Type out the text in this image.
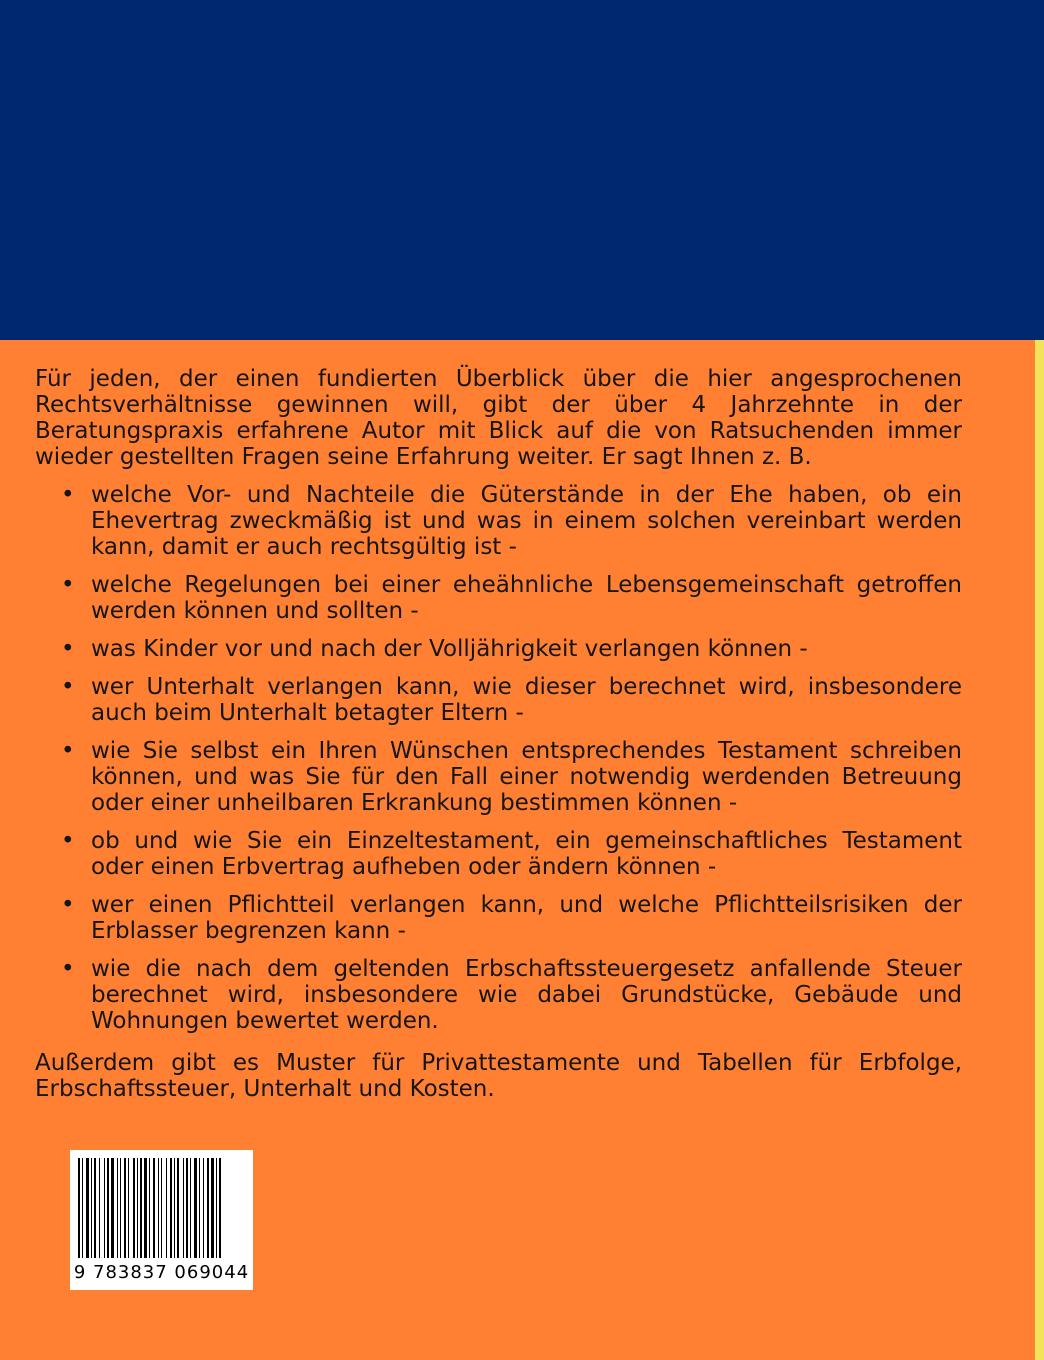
Für jeden, der einen fundierten Überblick über die hier angesprochenen Rechtsverhältnisse gewinnen will, gibt der über 4 Jahrzehnte in der Beratungspraxis erfahrene Autor mit Blick auf die von Ratsuchenden immer wieder gestellten Fragen seine Erfahrung weiter. Er sagt Ihnen z. B.

• welche Vor- und Nachteile die Güterstände in der Ehe haben, ob ein Ehevertrag zweckmäßig ist und was in einem solchen vereinbart werden kann, damit er auch rechtsgültig ist -
• welche Regelungen bei einer eheähnliche Lebensgemeinschaft getroffen werden können und sollten -
• was Kinder vor und nach der Volljährigkeit verlangen können -
• wer Unterhalt verlangen kann, wie dieser berechnet wird, insbesondere auch beim Unterhalt betagter Eltern -
• wie Sie selbst ein Ihren Wünschen entsprechendes Testament schreiben können, und was Sie für den Fall einer notwendig werdenden Betreuung oder einer unheilbaren Erkrankung bestimmen können -
• ob und wie Sie ein Einzeltestament, ein gemeinschaftliches Testament oder einen Erbvertrag aufheben oder ändern können -
• wer einen Pflichtteil verlangen kann, und welche Pflichtteilsrisiken der Erblasser begrenzen kann -
• wie die nach dem geltenden Erbschaftssteuergesetz anfallende Steuer berechnet wird, insbesondere wie dabei Grundstücke, Gebäude und Wohnungen bewertet werden.

Außerdem gibt es Muster für Privattestamente und Tabellen für Erbfolge, Erbschaftssteuer, Unterhalt und Kosten.

9 783837 069044
